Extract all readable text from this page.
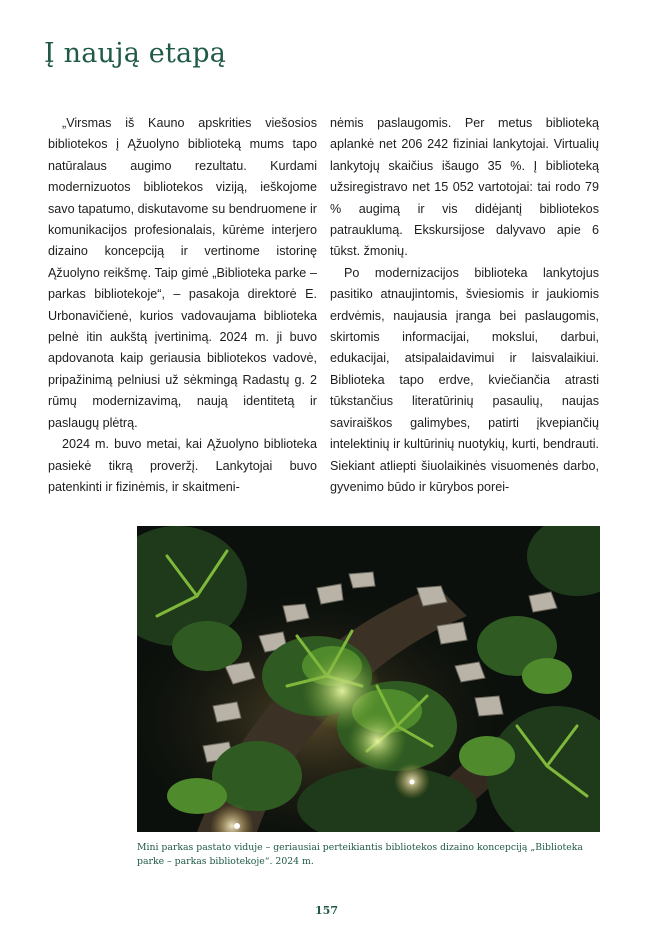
Į naują etapą

„Virsmas iš Kauno apskrities viešosios bibliotekos į Ąžuolyno biblioteką mums tapo natūralaus augimo rezultatu. Kurdami modernizuotos bibliotekos viziją, ieškojome savo tapatumo, diskutavome su bendruomene ir komunikacijos profesionalais, kūrėme interjero dizaino koncepciją ir vertinome istorinę Ąžuolyno reikšmę. Taip gimė „Biblioteka parke – parkas bibliotekoje“, – pasakoja direktorė E. Urbonavičienė, kurios vadovaujama biblioteka pelnė itin aukštą įvertinimą. 2024 m. ji buvo apdovanota kaip geriausia bibliotekos vadovė, pripažinimą pelniusi už sėkmingą Radastų g. 2 rūmų modernizavimą, naują identitetą ir paslaugų plėtrą.

2024 m. buvo metai, kai Ąžuolyno biblioteka pasiekė tikrą proveržį. Lankytojai buvo patenkinti ir fizinėmis, ir skaitmeni-

nėmis paslaugomis. Per metus biblioteką aplankė net 206 242 fiziniai lankytojai. Virtualių lankytojų skaičius išaugo 35 %. Į biblioteką užsiregistravo net 15 052 vartotojai: tai rodo 79 % augimą ir vis didėjantį bibliotekos patrauklumą. Ekskursijose dalyvavo apie 6 tūkst. žmonių.

Po modernizacijos biblioteka lankytojus pasitiko atnaujintomis, šviesiomis ir jaukiomis erdvėmis, naujausia įranga bei paslaugomis, skirtomis informacijai, mokslui, darbui, edukacijai, atsipalaidavimui ir laisvalaikiui. Biblioteka tapo erdve, kviečiančia atrasti tūkstančius literatūrinių pasaulių, naujas saviraiškos galimybes, patirti įkvepiančių intelektinių ir kultūrinių nuotykių, kurti, bendrauti. Siekiant atliepti šiuolaikinės visuomenės darbo, gyvenimo būdo ir kūrybos porei-

Mini parkas pastato viduje – geriausiai perteikiantis bibliotekos dizaino koncepciją „Biblioteka parke – parkas bibliotekoje“. 2024 m.

157
